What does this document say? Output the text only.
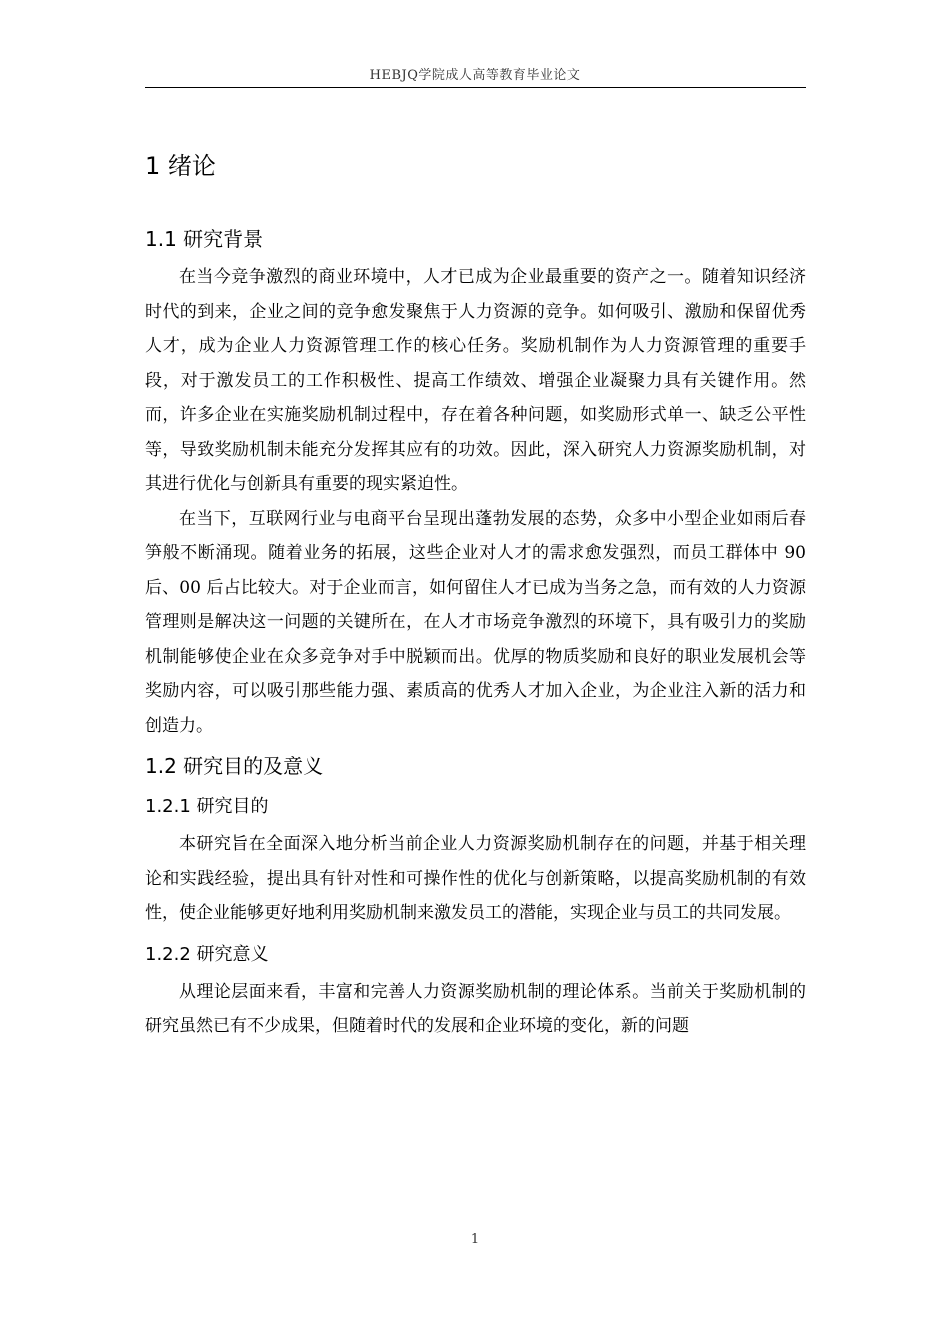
HEBJQ学院成人高等教育毕业论文
1 绪论
1.1 研究背景

在当今竞争激烈的商业环境中，人才已成为企业最重要的资产之一。随着知识经济时代的到来，企业之间的竞争愈发聚焦于人力资源的竞争。如何吸引、激励和保留优秀人才，成为企业人力资源管理工作的核心任务。奖励机制作为人力资源管理的重要手段，对于激发员工的工作积极性、提高工作绩效、增强企业凝聚力具有关键作用。然而，许多企业在实施奖励机制过程中，存在着各种问题，如奖励形式单一、缺乏公平性等，导致奖励机制未能充分发挥其应有的功效。因此，深入研究人力资源奖励机制，对其进行优化与创新具有重要的现实紧迫性。

在当下，互联网行业与电商平台呈现出蓬勃发展的态势，众多中小型企业如雨后春笋般不断涌现。随着业务的拓展，这些企业对人才的需求愈发强烈，而员工群体中 90 后、00 后占比较大。对于企业而言，如何留住人才已成为当务之急，而有效的人力资源管理则是解决这一问题的关键所在，在人才市场竞争激烈的环境下，具有吸引力的奖励机制能够使企业在众多竞争对手中脱颖而出。优厚的物质奖励和良好的职业发展机会等奖励内容，可以吸引那些能力强、素质高的优秀人才加入企业，为企业注入新的活力和创造力。

1.2 研究目的及意义
1.2.1 研究目的

本研究旨在全面深入地分析当前企业人力资源奖励机制存在的问题，并基于相关理论和实践经验，提出具有针对性和可操作性的优化与创新策略，以提高奖励机制的有效性，使企业能够更好地利用奖励机制来激发员工的潜能，实现企业与员工的共同发展。

1.2.2 研究意义

从理论层面来看，丰富和完善人力资源奖励机制的理论体系。当前关于奖励机制的研究虽然已有不少成果，但随着时代的发展和企业环境的变化，新的问题

1
